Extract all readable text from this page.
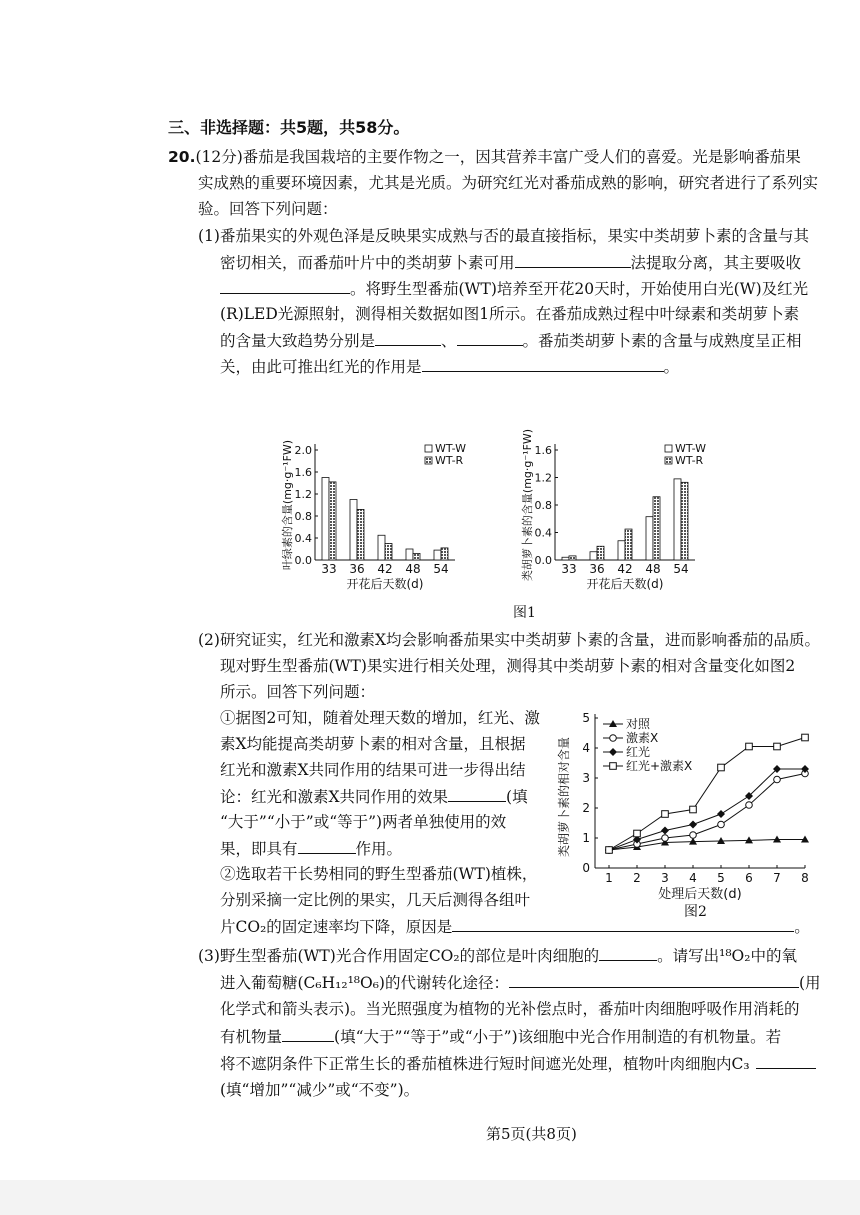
三、非选择题：共5题，共58分。
20.(12分)番茄是我国栽培的主要作物之一，因其营养丰富广受人们的喜爱。光是影响番茄果
实成熟的重要环境因素，尤其是光质。为研究红光对番茄成熟的影响，研究者进行了系列实
验。回答下列问题：
(1)番茄果实的外观色泽是反映果实成熟与否的最直接指标，果实中类胡萝卜素的含量与其
密切相关，而番茄叶片中的类胡萝卜素可用	法提取分离，其主要吸收
。将野生型番茄(WT)培养至开花20天时，开始使用白光(W)及红光
(R)LED光源照射，测得相关数据如图1所示。在番茄成熟过程中叶绿素和类胡萝卜素
的含量大致趋势分别是	、	。番茄类胡萝卜素的含量与成熟度呈正相
关，由此可推出红光的作用是	。
0.0
0.4
0.8
1.2
1.6
2.0
叶绿素的含量(mg·g⁻¹FW) 33 36 42 48 54
开花后天数(d)
WT-W
WT-R
0.0
0.4
0.8
1.2
1.6
类胡萝卜素的含量(mg·g⁻¹FW) 33 36 42 48 54
开花后天数(d)
WT-W
WT-R
图1
(2)研究证实，红光和激素X均会影响番茄果实中类胡萝卜素的含量，进而影响番茄的品质。
现对野生型番茄(WT)果实进行相关处理，测得其中类胡萝卜素的相对含量变化如图2
所示。回答下列问题：
①据图2可知，随着处理天数的增加，红光、激
素X均能提高类胡萝卜素的相对含量，且根据
红光和激素X共同作用的结果可进一步得出结
论：红光和激素X共同作用的效果	(填
“大于”“小于”或“等于”)两者单独使用的效
果，即具有	作用。
②选取若干长势相同的野生型番茄(WT)植株，
分别采摘一定比例的果实，几天后测得各组叶
片CO₂的固定速率均下降，原因是	。
0
1
2
3
4
5
1 2 3 4 5 6 7 8
类胡萝卜素的相对含量
处理后天数(d)
对照
激素X
红光
红光+激素X
图2
(3)野生型番茄(WT)光合作用固定CO₂的部位是叶肉细胞的	。请写出¹⁸O₂中的氧
进入葡萄糖(C₆H₁₂¹⁸O₆)的代谢转化途径：	(用
化学式和箭头表示)。当光照强度为植物的光补偿点时，番茄叶肉细胞呼吸作用消耗的
有机物量	(填“大于”“等于”或“小于”)该细胞中光合作用制造的有机物量。若
将不遮阴条件下正常生长的番茄植株进行短时间遮光处理，植物叶肉细胞内C₃
(填“增加”“减少”或“不变”)。
第5页(共8页)
